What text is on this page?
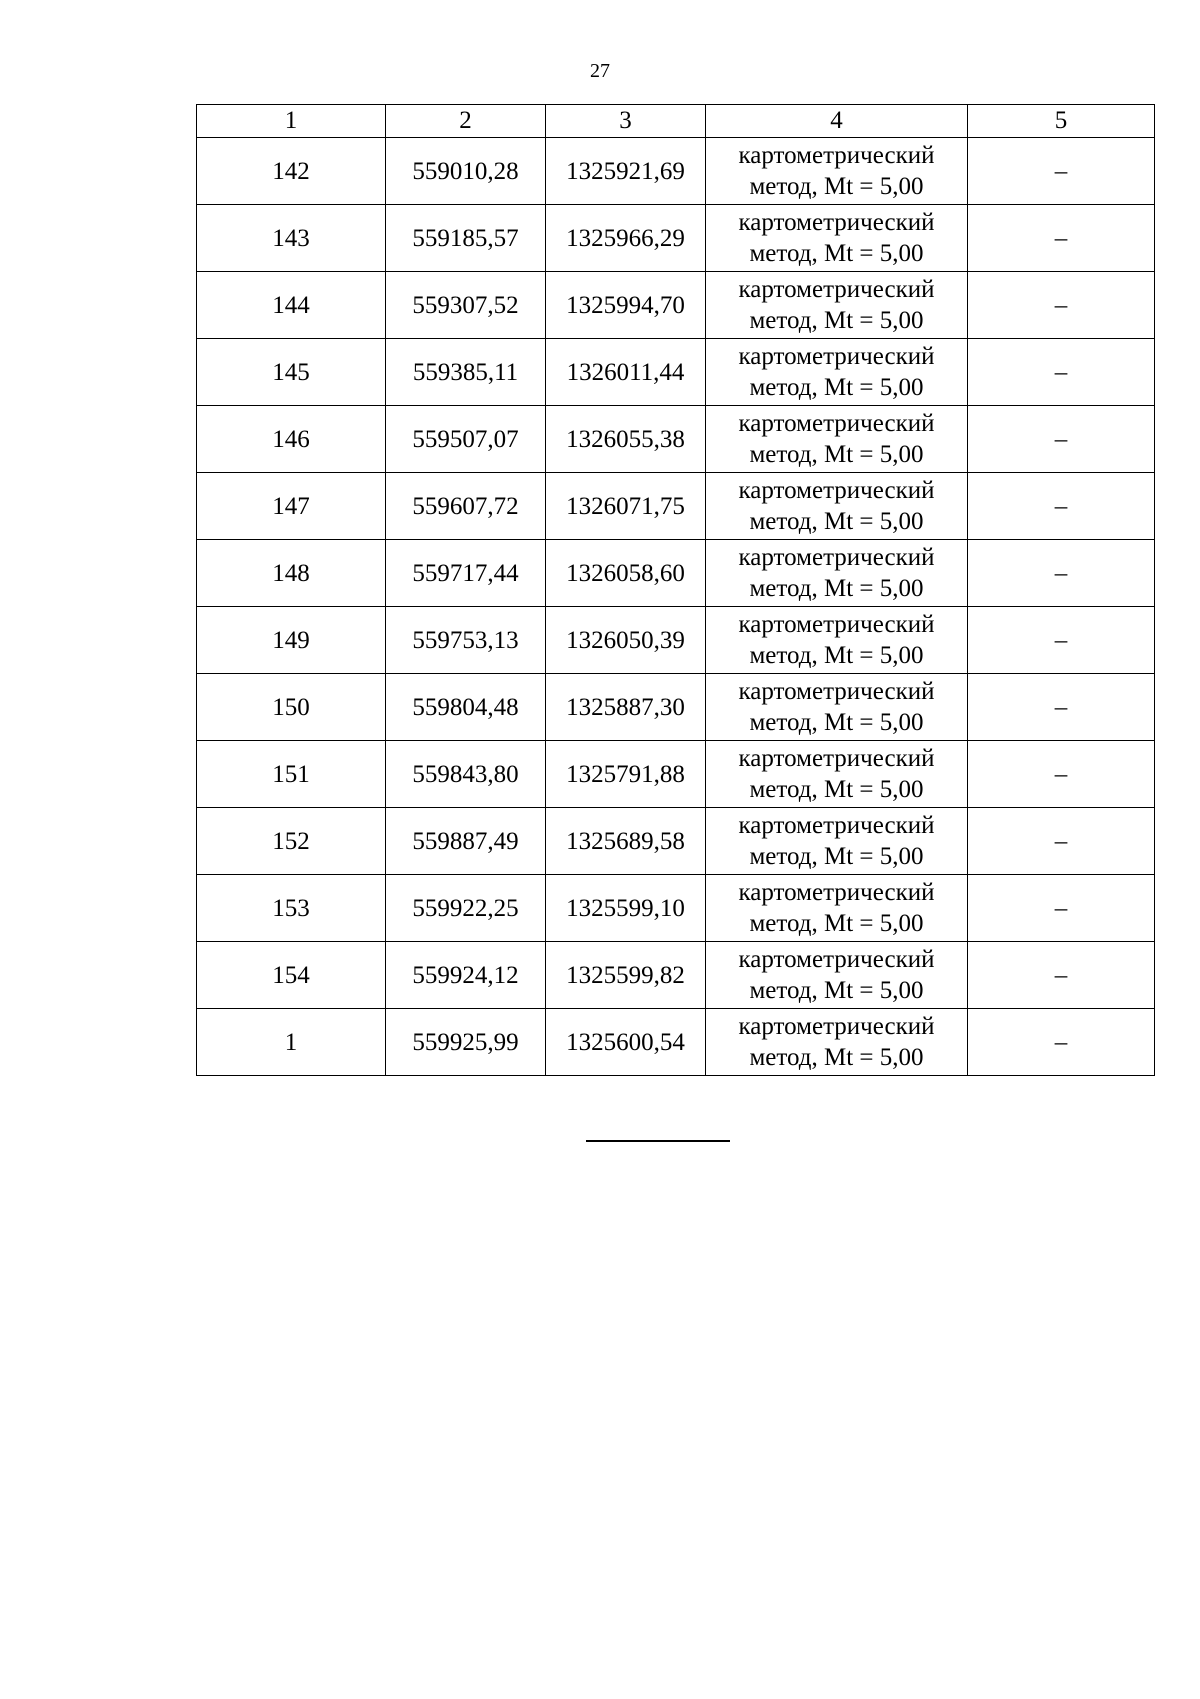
27
1	2	3	4	5
142	559010,28	1325921,69	картометрический
метод, Mt = 5,00	–
143	559185,57	1325966,29	картометрический
метод, Mt = 5,00	–
144	559307,52	1325994,70	картометрический
метод, Mt = 5,00	–
145	559385,11	1326011,44	картометрический
метод, Mt = 5,00	–
146	559507,07	1326055,38	картометрический
метод, Mt = 5,00	–
147	559607,72	1326071,75	картометрический
метод, Mt = 5,00	–
148	559717,44	1326058,60	картометрический
метод, Mt = 5,00	–
149	559753,13	1326050,39	картометрический
метод, Mt = 5,00	–
150	559804,48	1325887,30	картометрический
метод, Mt = 5,00	–
151	559843,80	1325791,88	картометрический
метод, Mt = 5,00	–
152	559887,49	1325689,58	картометрический
метод, Mt = 5,00	–
153	559922,25	1325599,10	картометрический
метод, Mt = 5,00	–
154	559924,12	1325599,82	картометрический
метод, Mt = 5,00	–
1	559925,99	1325600,54	картометрический
метод, Mt = 5,00	–
